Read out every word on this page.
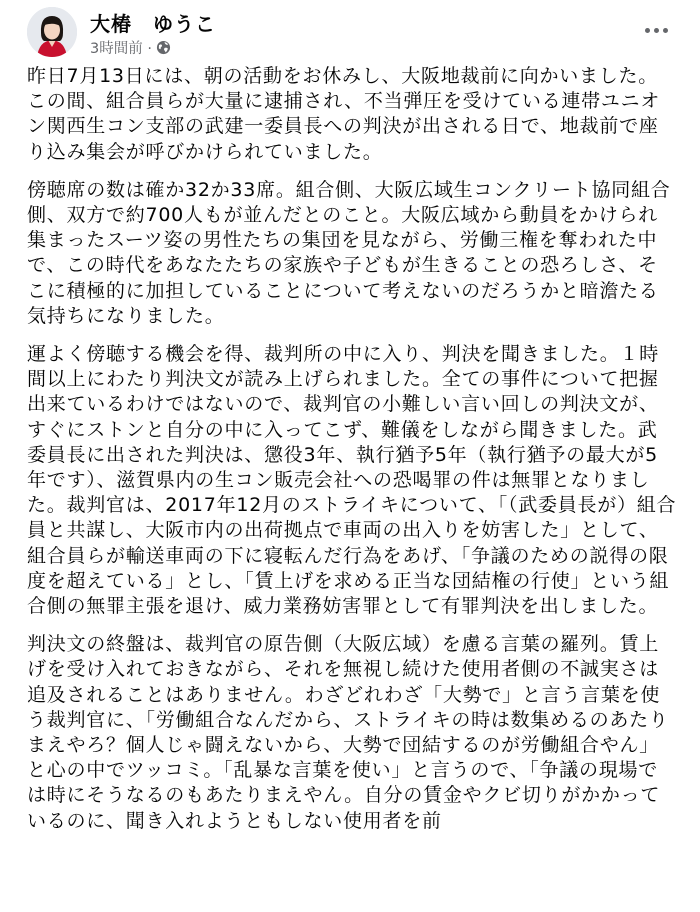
大椿　ゆうこ
3時間前 ·

昨日7月13日には、朝の活動をお休みし、大阪地裁前に向かいました。この間、組合員らが大量に逮捕され、不当弾圧を受けている連帯ユニオン関西生コン支部の武建一委員長への判決が出される日で、地裁前で座り込み集会が呼びかけられていました。

傍聴席の数は確か32か33席。組合側、大阪広域生コンクリート協同組合側、双方で約700人もが並んだとのこと。大阪広域から動員をかけられ集まったスーツ姿の男性たちの集団を見ながら、労働三権を奪われた中で、この時代をあなたたちの家族や子どもが生きることの恐ろしさ、そこに積極的に加担していることについて考えないのだろうかと暗澹たる気持ちになりました。

運よく傍聴する機会を得、裁判所の中に入り、判決を聞きました。１時間以上にわたり判決文が読み上げられました。全ての事件について把握出来ているわけではないので、裁判官の小難しい言い回しの判決文が、すぐにストンと自分の中に入ってこず、難儀をしながら聞きました。武委員長に出された判決は、懲役3年、執行猶予5年（執行猶予の最大が5年です）、滋賀県内の生コン販売会社への恐喝罪の件は無罪となりました。裁判官は、2017年12月のストライキについて、「（武委員長が）組合員と共謀し、大阪市内の出荷拠点で車両の出入りを妨害した」として、組合員らが輸送車両の下に寝転んだ行為をあげ、「争議のための説得の限度を超えている」とし、「賃上げを求める正当な団結権の行使」という組合側の無罪主張を退け、威力業務妨害罪として有罪判決を出しました。

判決文の終盤は、裁判官の原告側（大阪広域）を慮る言葉の羅列。賃上げを受け入れておきながら、それを無視し続けた使用者側の不誠実さは追及されることはありません。わざどれわざ「大勢で」と言う言葉を使う裁判官に、「労働組合なんだから、ストライキの時は数集めるのあたりまえやろ？個人じゃ闘えないから、大勢で団結するのが労働組合やん」と心の中でツッコミ。「乱暴な言葉を使い」と言うので、「争議の現場では時にそうなるのもあたりまえやん。自分の賃金やクビ切りがかかっているのに、聞き入れようともしない使用者を前
